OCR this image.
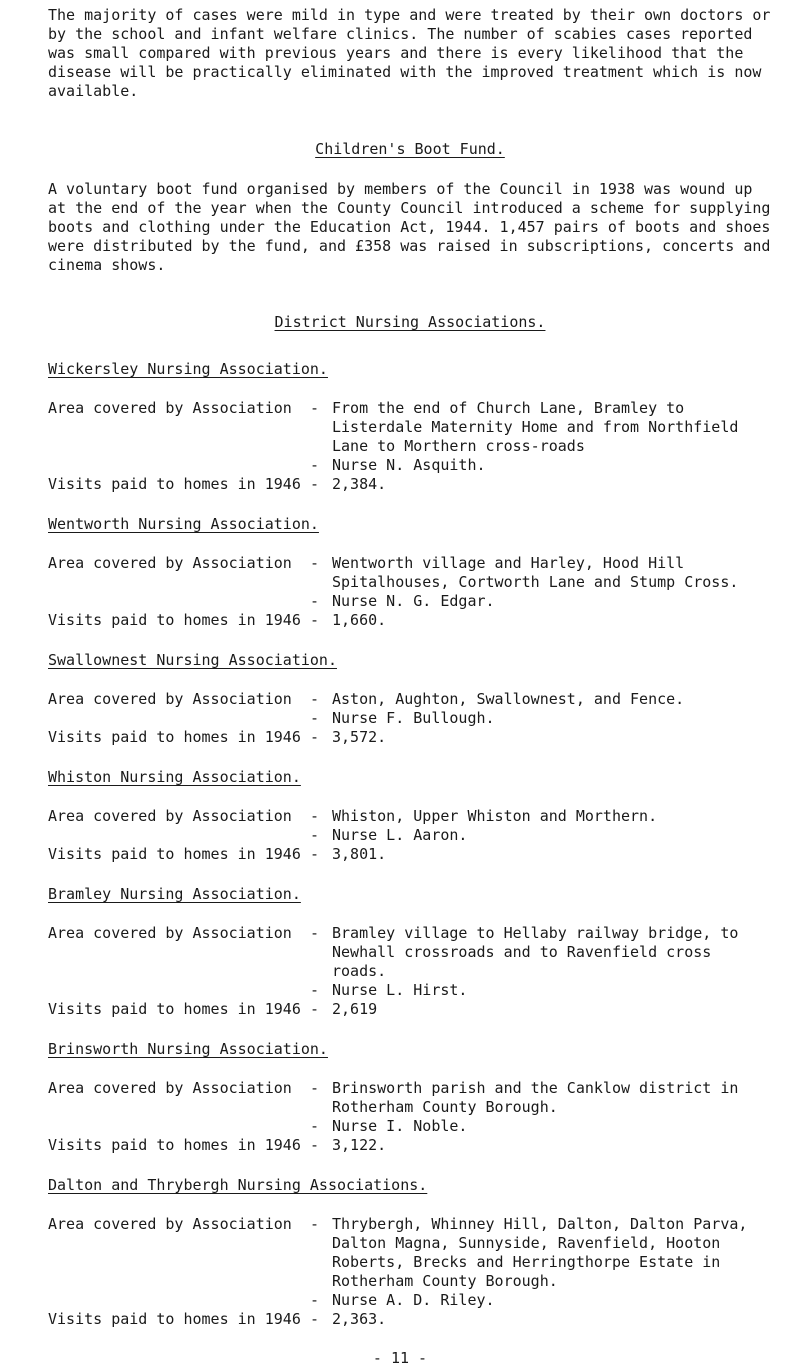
The majority of cases were mild in type and were treated by their own doctors or by the school and infant welfare clinics. The number of scabies cases reported was small compared with previous years and there is every likelihood that the disease will be practically eliminated with the improved treatment which is now available.

Children's Boot Fund.

A voluntary boot fund organised by members of the Council in 1938 was wound up at the end of the year when the County Council introduced a scheme for supplying boots and clothing under the Education Act, 1944. 1,457 pairs of boots and shoes were distributed by the fund, and £358 was raised in subscriptions, concerts and cinema shows.

District Nursing Associations.

Wickersley Nursing Association.

Area covered by Association	- From the end of Church Lane, Bramley to Listerdale Maternity Home and from Northfield Lane to Morthern cross-roads
- Nurse N. Asquith.
Visits paid to homes in 1946 - 2,384.

Wentworth Nursing Association.

Area covered by Association	- Wentworth village and Harley, Hood Hill Spitalhouses, Cortworth Lane and Stump Cross.
- Nurse N. G. Edgar.
Visits paid to homes in 1946 - 1,660.

Swallownest Nursing Association.

Area covered by Association	- Aston, Aughton, Swallownest, and Fence.
- Nurse F. Bullough.
Visits paid to homes in 1946 - 3,572.

Whiston Nursing Association.

Area covered by Association	- Whiston, Upper Whiston and Morthern.
- Nurse L. Aaron.
Visits paid to homes in 1946 - 3,801.

Bramley Nursing Association.

Area covered by Association	- Bramley village to Hellaby railway bridge, to Newhall crossroads and to Ravenfield cross roads.
- Nurse L. Hirst.
Visits paid to homes in 1946 - 2,619

Brinsworth Nursing Association.

Area covered by Association	- Brinsworth parish and the Canklow district in Rotherham County Borough.
- Nurse I. Noble.
Visits paid to homes in 1946 - 3,122.

Dalton and Thrybergh Nursing Associations.

Area covered by Association	- Thrybergh, Whinney Hill, Dalton, Dalton Parva, Dalton Magna, Sunnyside, Ravenfield, Hooton Roberts, Brecks and Herringthorpe Estate in Rotherham County Borough.
- Nurse A. D. Riley.
Visits paid to homes in 1946 - 2,363.
- 11 -
